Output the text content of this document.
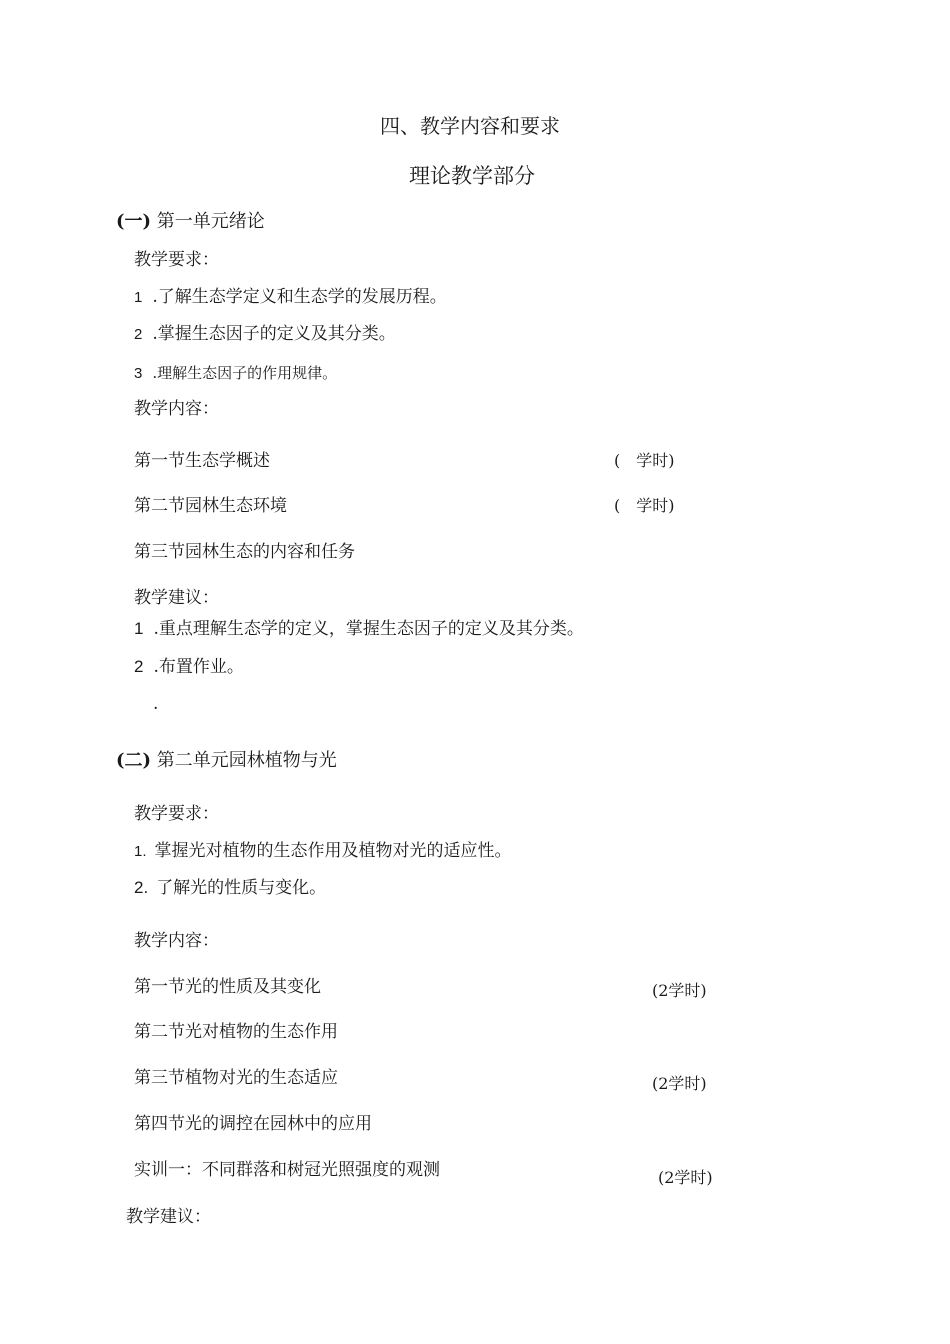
四、教学内容和要求
理论教学部分
(一) 第一单元绪论
教学要求：
1 .了解生态学定义和生态学的发展历程。
2 .掌握生态因子的定义及其分类。
3 .理解生态因子的作用规律。
教学内容：
第一节生态学概述	(　学时)
第二节园林生态环境	(　学时)
第三节园林生态的内容和任务
教学建议：
1 .重点理解生态学的定义，掌握生态因子的定义及其分类。
2 .布置作业。
.
(二) 第二单元园林植物与光
教学要求：
1. 掌握光对植物的生态作用及植物对光的适应性。
2. 了解光的性质与变化。
教学内容：
第一节光的性质及其变化	(2学时)
第二节光对植物的生态作用
第三节植物对光的生态适应	(2学时)
第四节光的调控在园林中的应用
实训一：不同群落和树冠光照强度的观测	(2学时)
教学建议：
